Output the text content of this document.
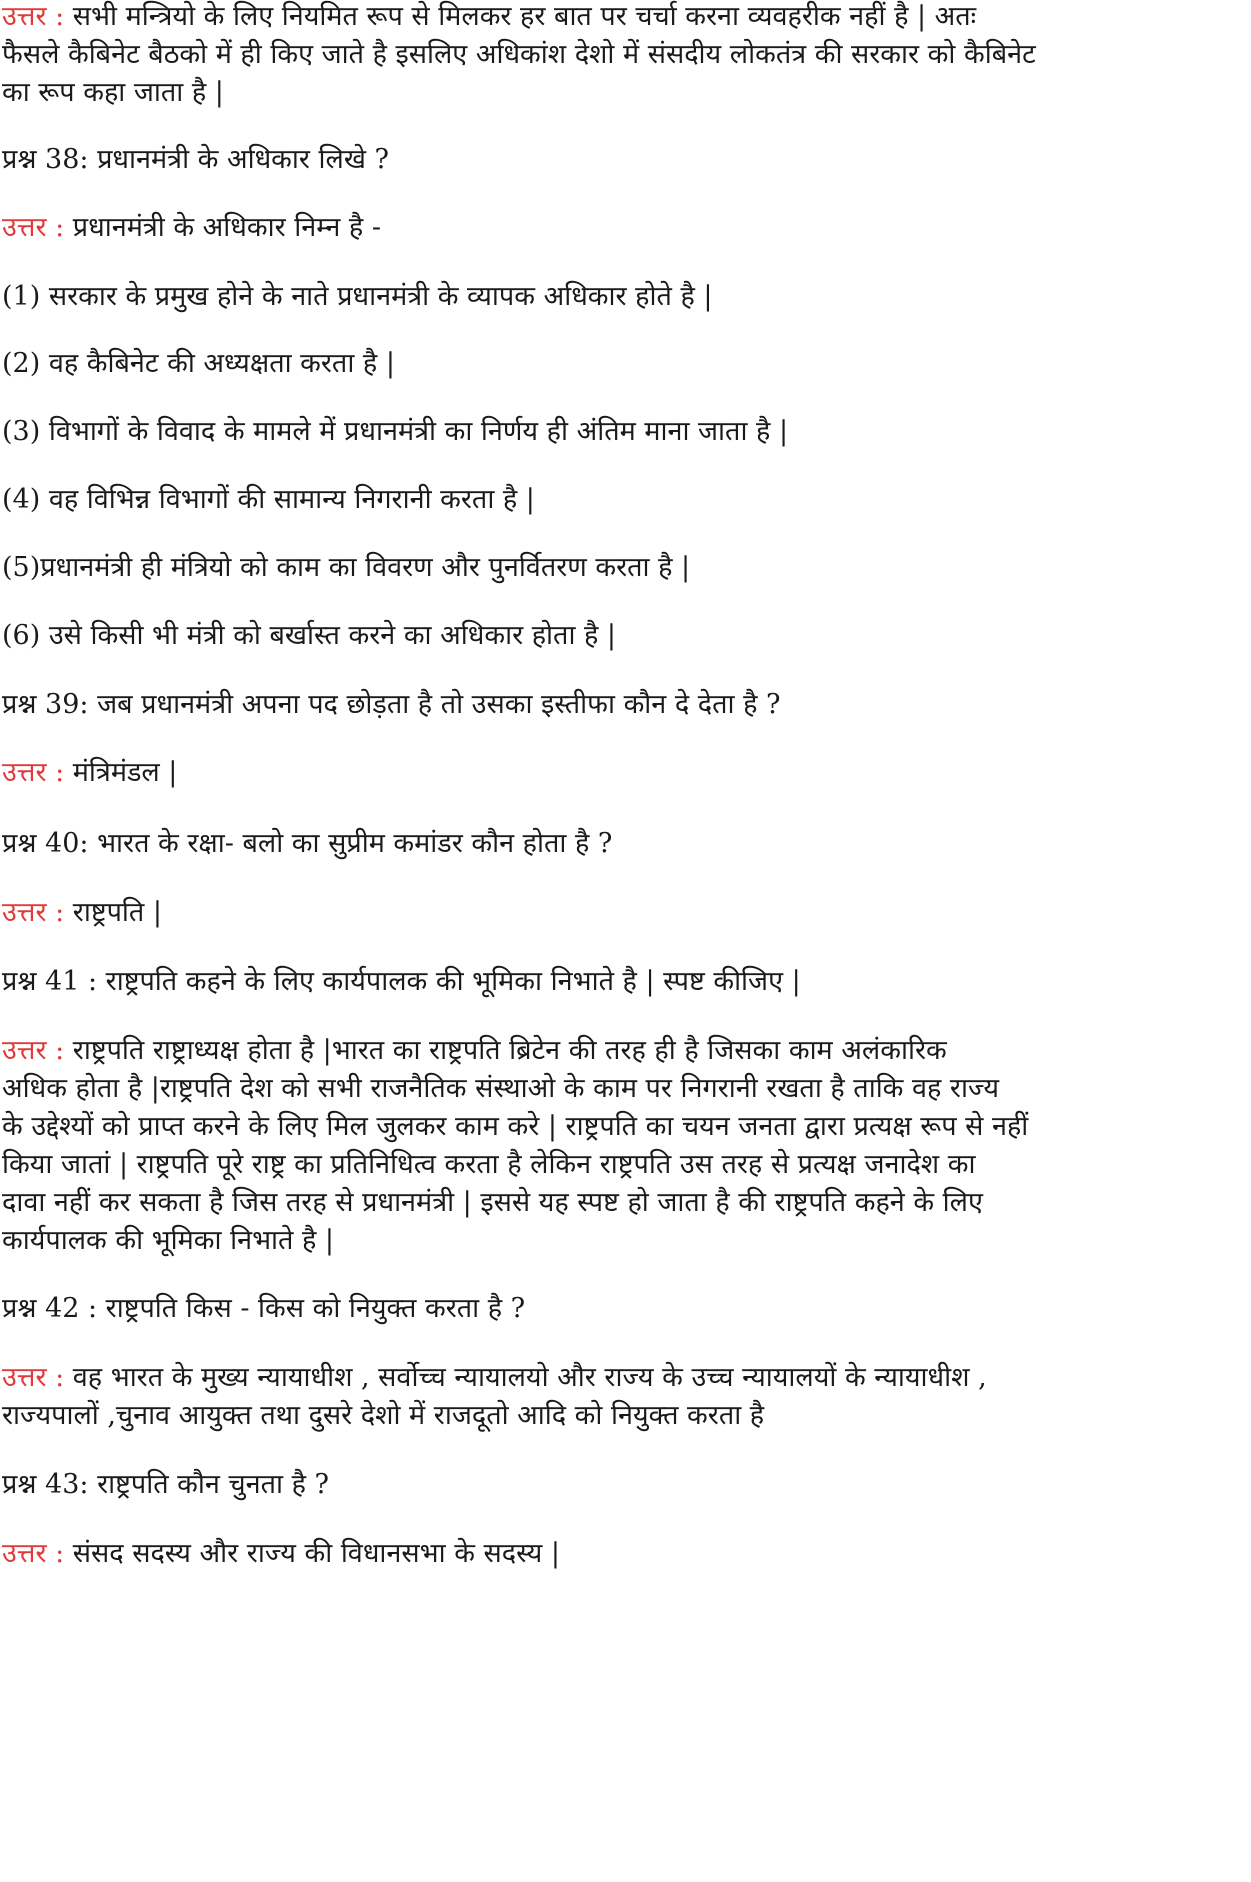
उत्तर : सभी मन्त्रियो के लिए नियमित रूप से मिलकर हर बात पर चर्चा करना व्यवहरीक नहीं है | अतः
फैसले कैबिनेट बैठको में ही किए जाते है इसलिए अधिकांश देशो में संसदीय लोकतंत्र की सरकार को कैबिनेट
का रूप कहा जाता है |
प्रश्न 38: प्रधानमंत्री के अधिकार लिखे ?
उत्तर : प्रधानमंत्री के अधिकार निम्न है -
(1) सरकार के प्रमुख होने के नाते प्रधानमंत्री के व्यापक अधिकार होते है |
(2) वह कैबिनेट की अध्यक्षता करता है |
(3) विभागों के विवाद के मामले में प्रधानमंत्री का निर्णय ही अंतिम माना जाता है |
(4) वह विभिन्न विभागों की सामान्य निगरानी करता है |
(5)प्रधानमंत्री ही मंत्रियो को काम का विवरण और पुनर्वितरण करता है |
(6) उसे किसी भी मंत्री को बर्खास्त करने का अधिकार होता है |
प्रश्न 39: जब प्रधानमंत्री अपना पद छोड़ता है तो उसका इस्तीफा कौन दे देता है ?
उत्तर : मंत्रिमंडल |
प्रश्न 40: भारत के रक्षा- बलो का सुप्रीम कमांडर कौन होता है ?
उत्तर : राष्ट्रपति |
प्रश्न 41 : राष्ट्रपति कहने के लिए कार्यपालक की भूमिका निभाते है | स्पष्ट कीजिए |
उत्तर : राष्ट्रपति राष्ट्राध्यक्ष होता है |भारत का राष्ट्रपति ब्रिटेन की तरह ही है जिसका काम अलंकारिक
अधिक होता है |राष्ट्रपति देश को सभी राजनैतिक संस्थाओ के काम पर निगरानी रखता है ताकि वह राज्य
के उद्देश्यों को प्राप्त करने के लिए मिल जुलकर काम करे | राष्ट्रपति का चयन जनता द्वारा प्रत्यक्ष रूप से नहीं
किया जातां | राष्ट्रपति पूरे राष्ट्र का प्रतिनिधित्व करता है लेकिन राष्ट्रपति उस तरह से प्रत्यक्ष जनादेश का
दावा नहीं कर सकता है जिस तरह से प्रधानमंत्री | इससे यह स्पष्ट हो जाता है की राष्ट्रपति कहने के लिए
कार्यपालक की भूमिका निभाते है |
प्रश्न 42 : राष्ट्रपति किस - किस को नियुक्त करता है ?
उत्तर : वह भारत के मुख्य न्यायाधीश , सर्वोच्च न्यायालयो और राज्य के उच्च न्यायालयों के न्यायाधीश ,
राज्यपालों ,चुनाव आयुक्त तथा दुसरे देशो में राजदूतो आदि को नियुक्त करता है
प्रश्न 43: राष्ट्रपति कौन चुनता है ?
उत्तर : संसद सदस्य और राज्य की विधानसभा के सदस्य |
